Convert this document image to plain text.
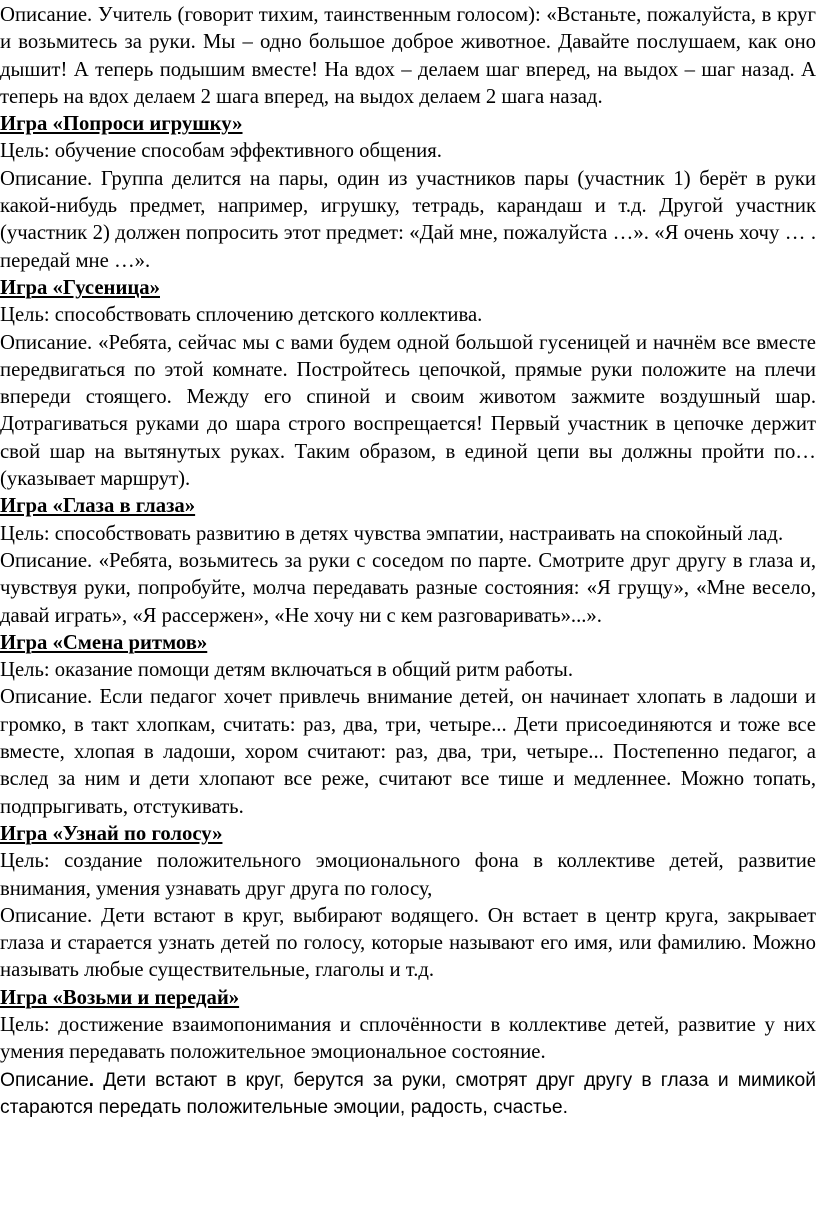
Описание. Учитель (говорит тихим, таинственным голосом): «Встаньте, пожалуйста, в круг и возьмитесь за руки. Мы – одно большое доброе животное. Давайте послушаем, как оно дышит! А теперь подышим вместе! На вдох – делаем шаг вперед, на выдох – шаг назад. А теперь на вдох делаем 2 шага вперед, на выдох делаем 2 шага назад.

Игра «Попроси игрушку»

Цель: обучение способам эффективного общения.

Описание. Группа делится на пары, один из участников пары (участник 1) берёт в руки какой-нибудь предмет, например, игрушку, тетрадь, карандаш и т.д. Другой участник (участник 2) должен попросить этот предмет: «Дай мне, пожалуйста …». «Я очень хочу … . передай мне …».

Игра «Гусеница»

Цель: способствовать сплочению детского коллектива.

Описание. «Ребята, сейчас мы с вами будем одной большой гусеницей и начнём все вместе передвигаться по этой комнате. Постройтесь цепочкой, прямые руки положите на плечи впереди стоящего. Между его спиной и своим животом зажмите воздушный шар. Дотрагиваться руками до шара строго воспрещается! Первый участник в цепочке держит свой шар на вытянутых руках. Таким образом, в единой цепи вы должны пройти по…(указывает маршрут).

Игра «Глаза в глаза»

Цель: способствовать развитию в детях чувства эмпатии, настраивать на спокойный лад.

Описание. «Ребята, возьмитесь за руки с соседом по парте. Смотрите друг другу в глаза и, чувствуя руки, попробуйте, молча передавать разные состояния: «Я грущу», «Мне весело, давай играть», «Я рассержен», «Не хочу ни с кем разговаривать»...».

Игра «Смена ритмов»

Цель: оказание помощи детям включаться в общий ритм работы.

Описание. Если педагог хочет привлечь внимание детей, он начинает хлопать в ладоши и громко, в такт хлопкам, считать: раз, два, три, четыре... Дети присоединяются и тоже все вместе, хлопая в ладоши, хором считают: раз, два, три, четыре... Постепенно педагог, а вслед за ним и дети хлопают все реже, считают все тише и медленнее. Можно топать, подпрыгивать, отстукивать.

Игра «Узнай по голосу»

Цель: создание положительного эмоционального фона в коллективе детей, развитие внимания, умения узнавать друг друга по голосу,

Описание. Дети встают в круг, выбирают водящего. Он встает в центр круга, закрывает глаза и старается узнать детей по голосу, которые называют его имя, или фамилию. Можно называть любые существительные, глаголы и т.д.

Игра «Возьми и передай»

Цель: достижение взаимопонимания и сплочённости в коллективе детей, развитие у них умения передавать положительное эмоциональное состояние.

Описание. Дети встают в круг, берутся за руки, смотрят друг другу в глаза и мимикой стараются передать положительные эмоции, радость, счастье.
